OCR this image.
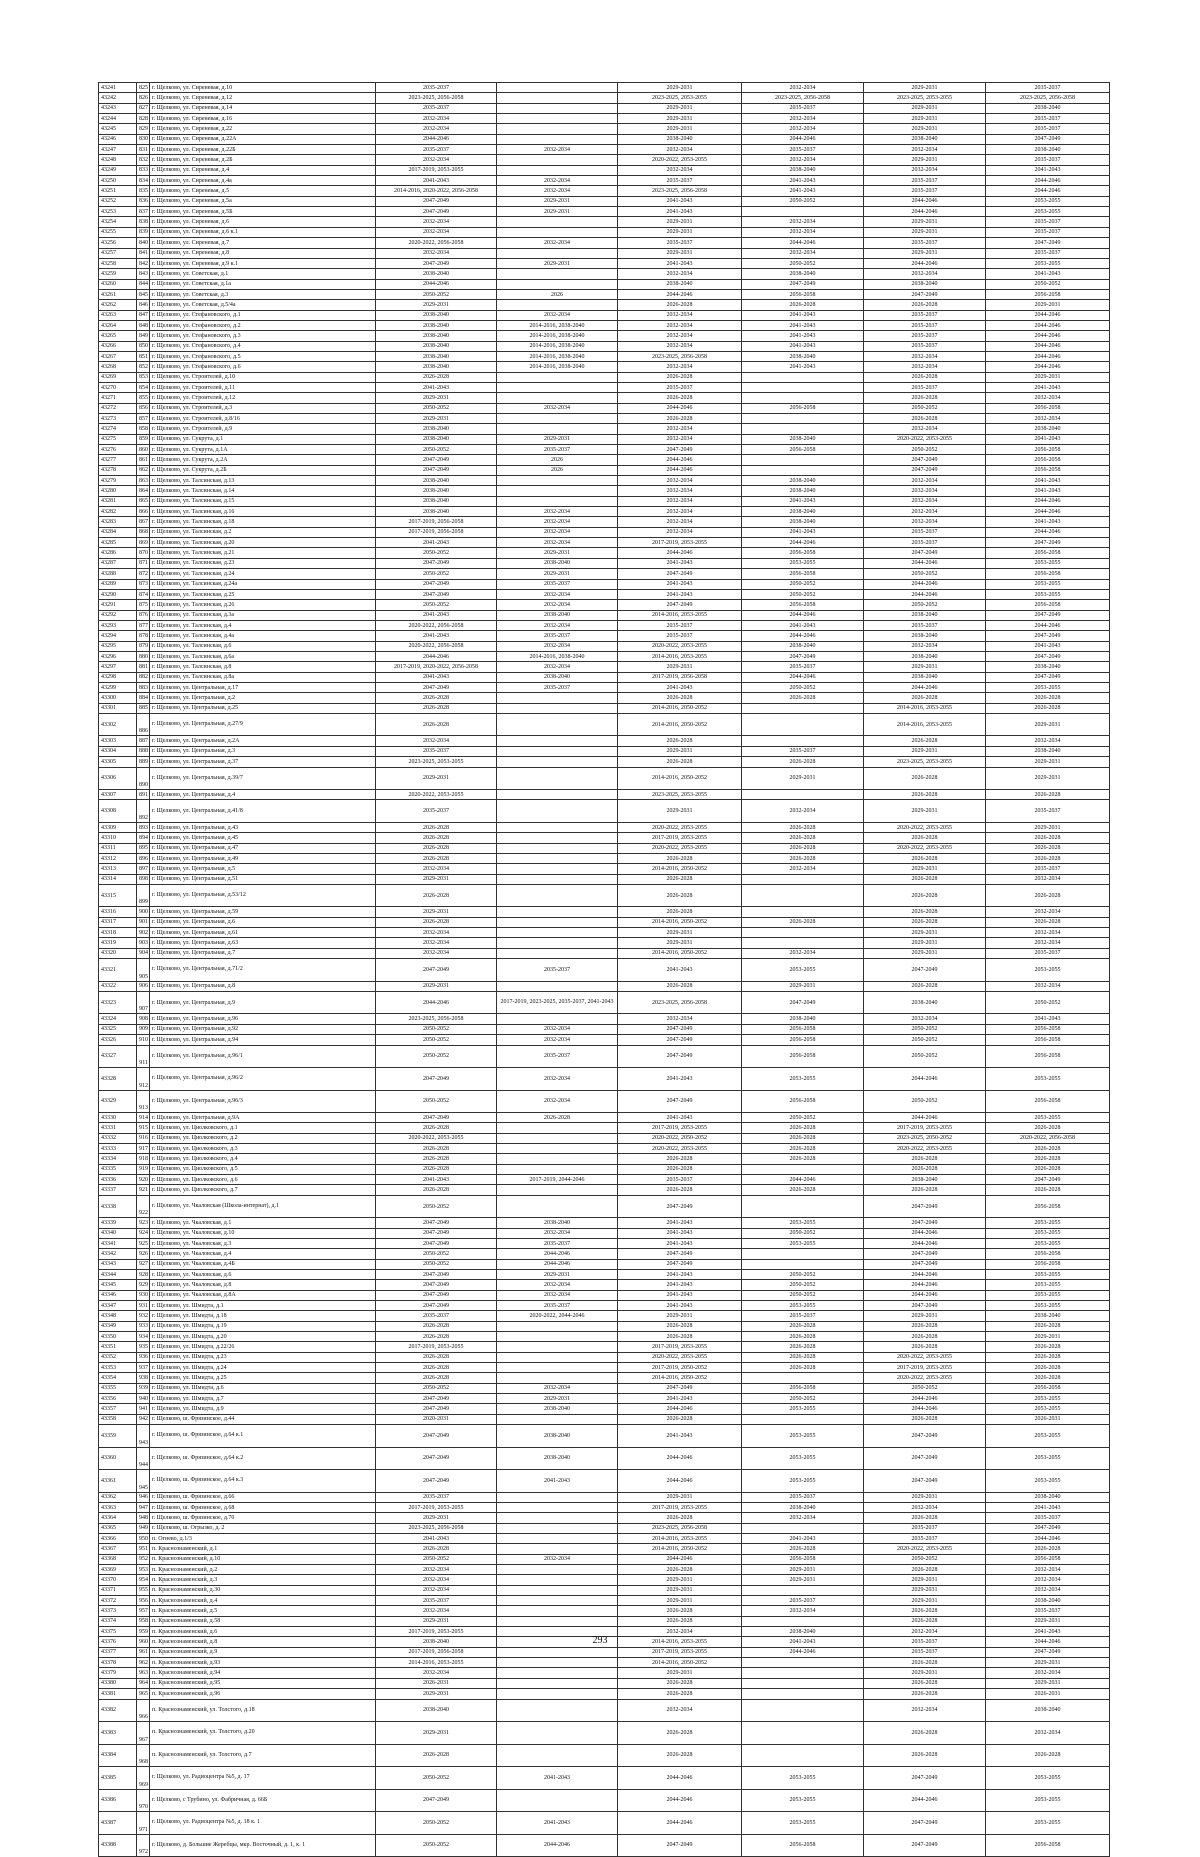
43241	825	г. Щелково, ул. Сиреневая, д.10	2035-2037		2029-2031	2032-2034	2029-2031	2035-2037
43242	826	г. Щелково, ул. Сиреневая, д.12	2023-2025, 2056-2058		2023-2025, 2053-2055	2023-2025, 2056-2058	2023-2025, 2053-2055	2023-2025, 2056-2058
43243	827	г. Щелково, ул. Сиреневая, д.14	2035-2037		2029-2031	2035-2037	2029-2031	2038-2040
43244	828	г. Щелково, ул. Сиреневая, д.16	2032-2034		2029-2031	2032-2034	2029-2031	2035-2037
43245	829	г. Щелково, ул. Сиреневая, д.22	2032-2034		2029-2031	2032-2034	2029-2031	2035-2037
43246	830	г. Щелково, ул. Сиреневая, д.22А	2044-2046		2038-2040	2044-2046	2038-2040	2047-2049
43247	831	г. Щелково, ул. Сиреневая, д.22Б	2035-2037	2032-2034	2032-2034	2035-2037	2032-2034	2038-2040
43248	832	г. Щелково, ул. Сиреневая, д.2Б	2032-2034		2020-2022, 2053-2055	2032-2034	2029-2031	2035-2037
43249	833	г. Щелково, ул. Сиреневая, д.4	2017-2019, 2053-2055		2032-2034	2038-2040	2032-2034	2041-2043
43250	834	г. Щелково, ул. Сиреневая, д.4а	2041-2043	2032-2034	2035-2037	2041-2043	2035-2037	2044-2046
43251	835	г. Щелково, ул. Сиреневая, д.5	2014-2016, 2020-2022, 2056-2058	2032-2034	2023-2025, 2056-2058	2041-2043	2035-2037	2044-2046
43252	836	г. Щелково, ул. Сиреневая, д.5а	2047-2049	2029-2031	2041-2043	2050-2052	2044-2046	2053-2055
43253	837	г. Щелково, ул. Сиреневая, д.5Б	2047-2049	2029-2031	2041-2043		2044-2046	2053-2055
43254	838	г. Щелково, ул. Сиреневая, д.6	2032-2034		2029-2031	2032-2034	2029-2031	2035-2037
43255	839	г. Щелково, ул. Сиреневая, д.6 к.1	2032-2034		2029-2031	2032-2034	2029-2031	2035-2037
43256	840	г. Щелково, ул. Сиреневая, д.7	2020-2022, 2056-2058	2032-2034	2035-2037	2044-2046	2035-2037	2047-2049
43257	841	г. Щелково, ул. Сиреневая, д.8	2032-2034		2029-2031	2032-2034	2029-2031	2035-2037
43258	842	г. Щелково, ул. Сиреневая, д.9 к.1	2047-2049	2029-2031	2041-2043	2050-2052	2044-2046	2053-2055
43259	843	г. Щелково, ул. Советская, д.1	2038-2040		2032-2034	2038-2040	2032-2034	2041-2043
43260	844	г. Щелково, ул. Советская, д.1а	2044-2046		2038-2040	2047-2049	2038-2040	2050-2052
43261	845	г. Щелково, ул. Советская, д.3	2050-2052	2026	2044-2046	2056-2058	2047-2049	2056-2058
43262	846	г. Щелково, ул. Советская, д.5/4а	2029-2031		2026-2028	2026-2028	2026-2028	2029-2031
43263	847	г. Щелково, ул. Стефановского, д.1	2038-2040	2032-2034	2032-2034	2041-2043	2035-2037	2044-2046
43264	848	г. Щелково, ул. Стефановского, д.2	2038-2040	2014-2016, 2038-2040	2032-2034	2041-2043	2035-2037	2044-2046
43265	849	г. Щелково, ул. Стефановского, д.3	2038-2040	2014-2016, 2038-2040	2032-2034	2041-2043	2035-2037	2044-2046
43266	850	г. Щелково, ул. Стефановского, д.4	2038-2040	2014-2016, 2038-2040	2032-2034	2041-2043	2035-2037	2044-2046
43267	851	г. Щелково, ул. Стефановского, д.5	2038-2040	2014-2016, 2038-2040	2023-2025, 2056-2058	2038-2040	2032-2034	2044-2046
43268	852	г. Щелково, ул. Стефановского, д.6	2038-2040	2014-2016, 2038-2040	2032-2034	2041-2043	2032-2034	2044-2046
43269	853	г. Щелково, ул. Строителей, д.10	2026-2028		2026-2028		2026-2028	2029-2031
43270	854	г. Щелково, ул. Строителей, д.11	2041-2043		2035-2037		2035-2037	2041-2043
43271	855	г. Щелково, ул. Строителей, д.12	2029-2031		2026-2028		2026-2028	2032-2034
43272	856	г. Щелково, ул. Строителей, д.3	2050-2052	2032-2034	2044-2046	2056-2058	2050-2052	2056-2058
43273	857	г. Щелково, ул. Строителей, д.8/16	2029-2031		2026-2028		2026-2028	2032-2034
43274	858	г. Щелково, ул. Строителей, д.9	2038-2040		2032-2034		2032-2034	2038-2040
43275	859	г. Щелково, ул. Сукрута, д.1	2038-2040	2029-2031	2032-2034	2038-2040	2020-2022, 2053-2055	2041-2043
43276	860	г. Щелково, ул. Сукрута, д.1А	2050-2052	2035-2037	2047-2049	2056-2058	2050-2052	2056-2058
43277	861	г. Щелково, ул. Сукрута, д.2А	2047-2049	2026	2044-2046		2047-2049	2056-2058
43278	862	г. Щелково, ул. Сукрута, д.2Б	2047-2049	2026	2044-2046		2047-2049	2056-2058
43279	863	г. Щелково, ул. Талсинская, д.13	2038-2040		2032-2034	2038-2040	2032-2034	2041-2043
43280	864	г. Щелково, ул. Талсинская, д.14	2038-2040		2032-2034	2038-2040	2032-2034	2041-2043
43281	865	г. Щелково, ул. Талсинская, д.15	2038-2040		2032-2034	2041-2043	2032-2034	2044-2046
43282	866	г. Щелково, ул. Талсинская, д.16	2038-2040	2032-2034	2032-2034	2038-2040	2032-2034	2044-2046
43283	867	г. Щелково, ул. Талсинская, д.18	2017-2019, 2056-2058	2032-2034	2032-2034	2038-2040	2032-2034	2041-2043
43284	868	г. Щелково, ул. Талсинская, д.2	2017-2019, 2056-2058	2032-2034	2032-2034	2041-2043	2035-2037	2044-2046
43285	869	г. Щелково, ул. Талсинская, д.20	2041-2043	2032-2034	2017-2019, 2053-2055	2044-2046	2035-2037	2047-2049
43286	870	г. Щелково, ул. Талсинская, д.21	2050-2052	2029-2031	2044-2046	2056-2058	2047-2049	2056-2058
43287	871	г. Щелково, ул. Талсинская, д.23	2047-2049	2038-2040	2041-2043	2053-2055	2044-2046	2053-2055
43288	872	г. Щелково, ул. Талсинская, д.24	2050-2052	2029-2031	2047-2049	2056-2058	2050-2052	2056-2058
43289	873	г. Щелково, ул. Талсинская, д.24а	2047-2049	2035-2037	2041-2043	2050-2052	2044-2046	2053-2055
43290	874	г. Щелково, ул. Талсинская, д.25	2047-2049	2032-2034	2041-2043	2050-2052	2044-2046	2053-2055
43291	875	г. Щелково, ул. Талсинская, д.26	2050-2052	2032-2034	2047-2049	2056-2058	2050-2052	2056-2058
43292	876	г. Щелково, ул. Талсинская, д.3а	2041-2043	2038-2040	2014-2016, 2053-2055	2044-2046	2038-2040	2047-2049
43293	877	г. Щелково, ул. Талсинская, д.4	2020-2022, 2056-2058	2032-2034	2035-2037	2041-2043	2035-2037	2044-2046
43294	878	г. Щелково, ул. Талсинская, д.4а	2041-2043	2035-2037	2035-2037	2044-2046	2038-2040	2047-2049
43295	879	г. Щелково, ул. Талсинская, д.6	2020-2022, 2056-2058	2032-2034	2020-2022, 2053-2055	2038-2040	2032-2034	2041-2043
43296	880	г. Щелково, ул. Талсинская, д.6а	2044-2046	2014-2016, 2038-2040	2014-2016, 2053-2055	2047-2049	2038-2040	2047-2049
43297	881	г. Щелково, ул. Талсинская, д.8	2017-2019, 2020-2022, 2056-2058	2032-2034	2029-2031	2035-2037	2029-2031	2038-2040
43298	882	г. Щелково, ул. Талсинская, д.8а	2041-2043	2038-2040	2017-2019, 2056-2058	2044-2046	2038-2040	2047-2049
43299	883	г. Щелково, ул. Центральная, д.17	2047-2049	2035-2037	2041-2043	2050-2052	2044-2046	2053-2055
43300	884	г. Щелково, ул. Центральная, д.2	2026-2028		2026-2028	2026-2028	2026-2028	2026-2028
43301	885	г. Щелково, ул. Центральная, д.25	2026-2028		2014-2016, 2050-2052		2014-2016, 2053-2055	2026-2028
43302	886	г. Щелково, ул. Центральная, д.27/9	2026-2028		2014-2016, 2050-2052		2014-2016, 2053-2055	2029-2031
43303	887	г. Щелково, ул. Центральная, д.2А	2032-2034		2026-2028		2026-2028	2032-2034
43304	888	г. Щелково, ул. Центральная, д.3	2035-2037		2029-2031	2035-2037	2029-2031	2038-2040
43305	889	г. Щелково, ул. Центральная, д.37	2023-2025, 2053-2055		2026-2028	2026-2028	2023-2025, 2053-2055	2029-2031
43306	890	г. Щелково, ул. Центральная, д.39/7	2029-2031		2014-2016, 2050-2052	2029-2031	2026-2028	2029-2031
43307	891	г. Щелково, ул. Центральная, д.4	2020-2022, 2053-2055		2023-2025, 2053-2055		2026-2028	2026-2028
43308	892	г. Щелково, ул. Центральная, д.41/8	2035-2037		2029-2031	2032-2034	2029-2031	2035-2037
43309	893	г. Щелково, ул. Центральная, д.43	2026-2028		2020-2022, 2053-2055	2026-2028	2020-2022, 2053-2055	2029-2031
43310	894	г. Щелково, ул. Центральная, д.45	2026-2028		2017-2019, 2053-2055	2026-2028	2026-2028	2026-2028
43311	895	г. Щелково, ул. Центральная, д.47	2026-2028		2020-2022, 2053-2055	2026-2028	2020-2022, 2053-2055	2026-2028
43312	896	г. Щелково, ул. Центральная, д.49	2026-2028		2026-2028	2026-2028	2026-2028	2026-2028
43313	897	г. Щелково, ул. Центральная, д.5	2032-2034		2014-2016, 2050-2052	2032-2034	2029-2031	2035-2037
43314	898	г. Щелково, ул. Центральная, д.51	2029-2031		2026-2028		2026-2028	2032-2034
43315	899	г. Щелково, ул. Центральная, д.53/12	2026-2028		2026-2028		2026-2028	2026-2028
43316	900	г. Щелково, ул. Центральная, д.59	2029-2031		2026-2028		2026-2028	2032-2034
43317	901	г. Щелково, ул. Центральная, д.6	2026-2028		2014-2016, 2050-2052	2026-2028	2026-2028	2026-2028
43318	902	г. Щелково, ул. Центральная, д.61	2032-2034		2029-2031		2029-2031	2032-2034
43319	903	г. Щелково, ул. Центральная, д.63	2032-2034		2029-2031		2029-2031	2032-2034
43320	904	г. Щелково, ул. Центральная, д.7	2032-2034		2014-2016, 2050-2052	2032-2034	2029-2031	2035-2037
43321	905	г. Щелково, ул. Центральная, д.71/2	2047-2049	2035-2037	2041-2043	2053-2055	2047-2049	2053-2055
43322	906	г. Щелково, ул. Центральная, д.8	2029-2031		2026-2028	2029-2031	2026-2028	2032-2034
43323	907	г. Щелково, ул. Центральная, д.9	2044-2046	2017-2019, 2023-2025, 2035-2037, 2041-2043	2023-2025, 2056-2058	2047-2049	2038-2040	2050-2052
43324	908	г. Щелково, ул. Центральная, д.96	2023-2025, 2056-2058		2032-2034	2038-2040	2032-2034	2041-2043
43325	909	г. Щелково, ул. Центральная, д.92	2050-2052	2032-2034	2047-2049	2056-2058	2050-2052	2056-2058
43326	910	г. Щелково, ул. Центральная, д.94	2050-2052	2032-2034	2047-2049	2056-2058	2050-2052	2056-2058
43327	911	г. Щелково, ул. Центральная, д.96/1	2050-2052	2035-2037	2047-2049	2056-2058	2050-2052	2056-2058
43328	912	г. Щелково, ул. Центральная, д.96/2	2047-2049	2032-2034	2041-2043	2053-2055	2044-2046	2053-2055
43329	913	г. Щелково, ул. Центральная, д.96/3	2050-2052	2032-2034	2047-2049	2056-2058	2050-2052	2056-2058
43330	914	г. Щелково, ул. Центральная, д.9А	2047-2049	2026-2028	2041-2043	2050-2052	2044-2046	2053-2055
43331	915	г. Щелково, ул. Циолковского, д.1	2026-2028		2017-2019, 2053-2055	2026-2028	2017-2019, 2053-2055	2026-2028
43332	916	г. Щелково, ул. Циолковского, д.2	2020-2022, 2053-2055		2020-2022, 2050-2052	2026-2028	2023-2025, 2050-2052	2020-2022, 2056-2058
43333	917	г. Щелково, ул. Циолковского, д.3	2026-2028		2020-2022, 2053-2055	2026-2028	2020-2022, 2053-2055	2026-2028
43334	918	г. Щелково, ул. Циолковского, д.4	2026-2028		2026-2028	2026-2028	2026-2028	2026-2028
43335	919	г. Щелково, ул. Циолковского, д.5	2026-2028		2026-2028		2026-2028	2026-2028
43336	920	г. Щелково, ул. Циолковского, д.6	2041-2043	2017-2019, 2044-2046	2035-2037	2044-2046	2038-2040	2047-2049
43337	921	г. Щелково, ул. Циолковского, д.7	2026-2028		2026-2028	2026-2028	2026-2028	2026-2028
43338	922	г. Щелково, ул. Чкаловская (Школа-интернат), д.1	2050-2052		2047-2049		2047-2049	2056-2058
43339	923	г. Щелково, ул. Чкаловская, д.1	2047-2049	2038-2040	2041-2043	2053-2055	2047-2049	2053-2055
43340	924	г. Щелково, ул. Чкаловская, д.10	2047-2049	2032-2034	2041-2043	2050-2052	2044-2046	2053-2055
43341	925	г. Щелково, ул. Чкаловская, д.3	2047-2049	2035-2037	2041-2043	2053-2055	2044-2046	2053-2055
43342	926	г. Щелково, ул. Чкаловская, д.4	2050-2052	2044-2046	2047-2049		2047-2049	2056-2058
43343	927	г. Щелково, ул. Чкаловская, д.4Б	2050-2052	2044-2046	2047-2049		2047-2049	2056-2058
43344	928	г. Щелково, ул. Чкаловская, д.6	2047-2049	2029-2031	2041-2043	2050-2052	2044-2046	2053-2055
43345	929	г. Щелково, ул. Чкаловская, д.8	2047-2049	2032-2034	2041-2043	2050-2052	2044-2046	2053-2055
43346	930	г. Щелково, ул. Чкаловская, д.8А	2047-2049	2032-2034	2041-2043	2050-2052	2044-2046	2053-2055
43347	931	г. Щелково, ул. Шмидта, д.1	2047-2049	2035-2037	2041-2043	2053-2055	2047-2049	2053-2055
43348	932	г. Щелково, ул. Шмидта, д.18	2035-2037	2020-2022, 2044-2046	2029-2031	2035-2037	2029-2031	2038-2040
43349	933	г. Щелково, ул. Шмидта, д.19	2026-2028		2026-2028	2026-2028	2026-2028	2026-2028
43350	934	г. Щелково, ул. Шмидта, д.20	2026-2028		2026-2028	2026-2028	2026-2028	2029-2031
43351	935	г. Щелково, ул. Шмидта, д.22/26	2017-2019, 2053-2055		2017-2019, 2053-2055	2026-2028	2026-2028	2026-2028
43352	936	г. Щелково, ул. Шмидта, д.23	2026-2028		2020-2022, 2053-2055	2026-2028	2020-2022, 2053-2055	2026-2028
43353	937	г. Щелково, ул. Шмидта, д.24	2026-2028		2017-2019, 2050-2052	2026-2028	2017-2019, 2053-2055	2026-2028
43354	938	г. Щелково, ул. Шмидта, д.25	2026-2028		2014-2016, 2050-2052		2020-2022, 2053-2055	2026-2028
43355	939	г. Щелково, ул. Шмидта, д.6	2050-2052	2032-2034	2047-2049	2056-2058	2050-2052	2056-2058
43356	940	г. Щелково, ул. Шмидта, д.7	2047-2049	2029-2031	2041-2043	2050-2052	2044-2046	2053-2055
43357	941	г. Щелково, ул. Шмидта, д.9	2047-2049	2038-2040	2044-2046	2053-2055	2044-2046	2053-2055
43358	942	г. Щелково, ш. Фрязинское, д.44	2020-2031		2026-2028		2026-2028	2026-2031
43359	943	г. Щелково, ш. Фрязинское, д.64 к.1	2047-2049	2038-2040	2041-2043	2053-2055	2047-2049	2053-2055
43360	944	г. Щелково, ш. Фрязинское, д.64 к.2	2047-2049	2038-2040	2044-2046	2053-2055	2047-2049	2053-2055
43361	945	г. Щелково, ш. Фрязинское, д.64 к.3	2047-2049	2041-2043	2044-2046	2053-2055	2047-2049	2053-2055
43362	946	г. Щелково, ш. Фрязинское, д.66	2035-2037		2029-2031	2035-2037	2029-2031	2038-2040
43363	947	г. Щелково, ш. Фрязинское, д.68	2017-2019, 2053-2055		2017-2019, 2053-2055	2038-2040	2032-2034	2041-2043
43364	948	г. Щелково, ш. Фрязинское, д.70	2029-2031		2026-2028	2032-2034	2026-2028	2035-2037
43365	949	г. Щелково, ш. Огрызко, д. 2	2023-2025, 2056-2058		2023-2025, 2056-2058		2035-2037	2047-2049
43366	950	п. Огнево, д.1/3	2041-2043		2014-2016, 2053-2055	2041-2043	2035-2037	2044-2046
43367	951	п. Краснознаменский, д.1	2026-2028		2014-2016, 2050-2052	2026-2028	2020-2022, 2053-2055	2026-2028
43368	952	п. Краснознаменский, д.10	2050-2052	2032-2034	2044-2046	2056-2058	2050-2052	2056-2058
43369	953	п. Краснознаменский, д.2	2032-2034		2026-2028	2029-2031	2026-2028	2032-2034
43370	954	п. Краснознаменский, д.3	2032-2034		2029-2031	2029-2031	2029-2031	2032-2034
43371	955	п. Краснознаменский, д.30	2032-2034		2029-2031		2029-2031	2032-2034
43372	956	п. Краснознаменский, д.4	2035-2037		2029-2031	2035-2037	2029-2031	2038-2040
43373	957	п. Краснознаменский, д.5	2032-2034		2026-2028	2032-2034	2026-2028	2035-2037
43374	958	п. Краснознаменский, д.58	2029-2031		2026-2028		2026-2028	2029-2031
43375	959	п. Краснознаменский, д.6	2017-2019, 2053-2055		2032-2034	2038-2040	2032-2034	2041-2043
43376	960	п. Краснознаменский, д.8	2038-2040		2014-2016, 2053-2055	2041-2043	2035-2037	2044-2046
43377	961	п. Краснознаменский, д.9	2017-2019, 2056-2058		2017-2019, 2053-2055	2044-2046	2035-2037	2047-2049
43378	962	п. Краснознаменский, д.93	2014-2016, 2053-2055		2014-2016, 2050-2052		2026-2028	2029-2031
43379	963	п. Краснознаменский, д.94	2032-2034		2029-2031		2029-2031	2032-2034
43380	964	п. Краснознаменский, д.95	2026-2031		2026-2028		2026-2028	2029-2031
43381	965	п. Краснознаменский, д.96	2029-2031		2026-2028		2026-2028	2026-2031
43382	966	п. Краснознаменский, ул. Толстого, д.18	2038-2040		2032-2034		2032-2034	2038-2040
43383	967	п. Краснознаменский, ул. Толстого, д.20	2029-2031		2026-2028		2026-2028	2032-2034
43384	968	п. Краснознаменский, ул. Толстого, д.7	2026-2028		2026-2028		2026-2028	2026-2028
43385	969	г. Щелково, ул. Радиоцентра №5, д. 17	2050-2052	2041-2043	2044-2046	2053-2055	2047-2049	2053-2055
43386	970	г. Щелково, с Трубино, ул. Фабричная, д. 66Б	2047-2049		2044-2046	2053-2055	2044-2046	2053-2055
43387	971	г. Щелково, ул. Радиоцентра №5, д. 18 к. 1	2050-2052	2041-2043	2044-2046	2053-2055	2047-2049	2053-2055
43388	972	г. Щелково, д. Большие Жеребцы, мкр. Восточный, д. 1, к. 1	2050-2052	2044-2046	2047-2049	2056-2058	2047-2049	2056-2058
293
